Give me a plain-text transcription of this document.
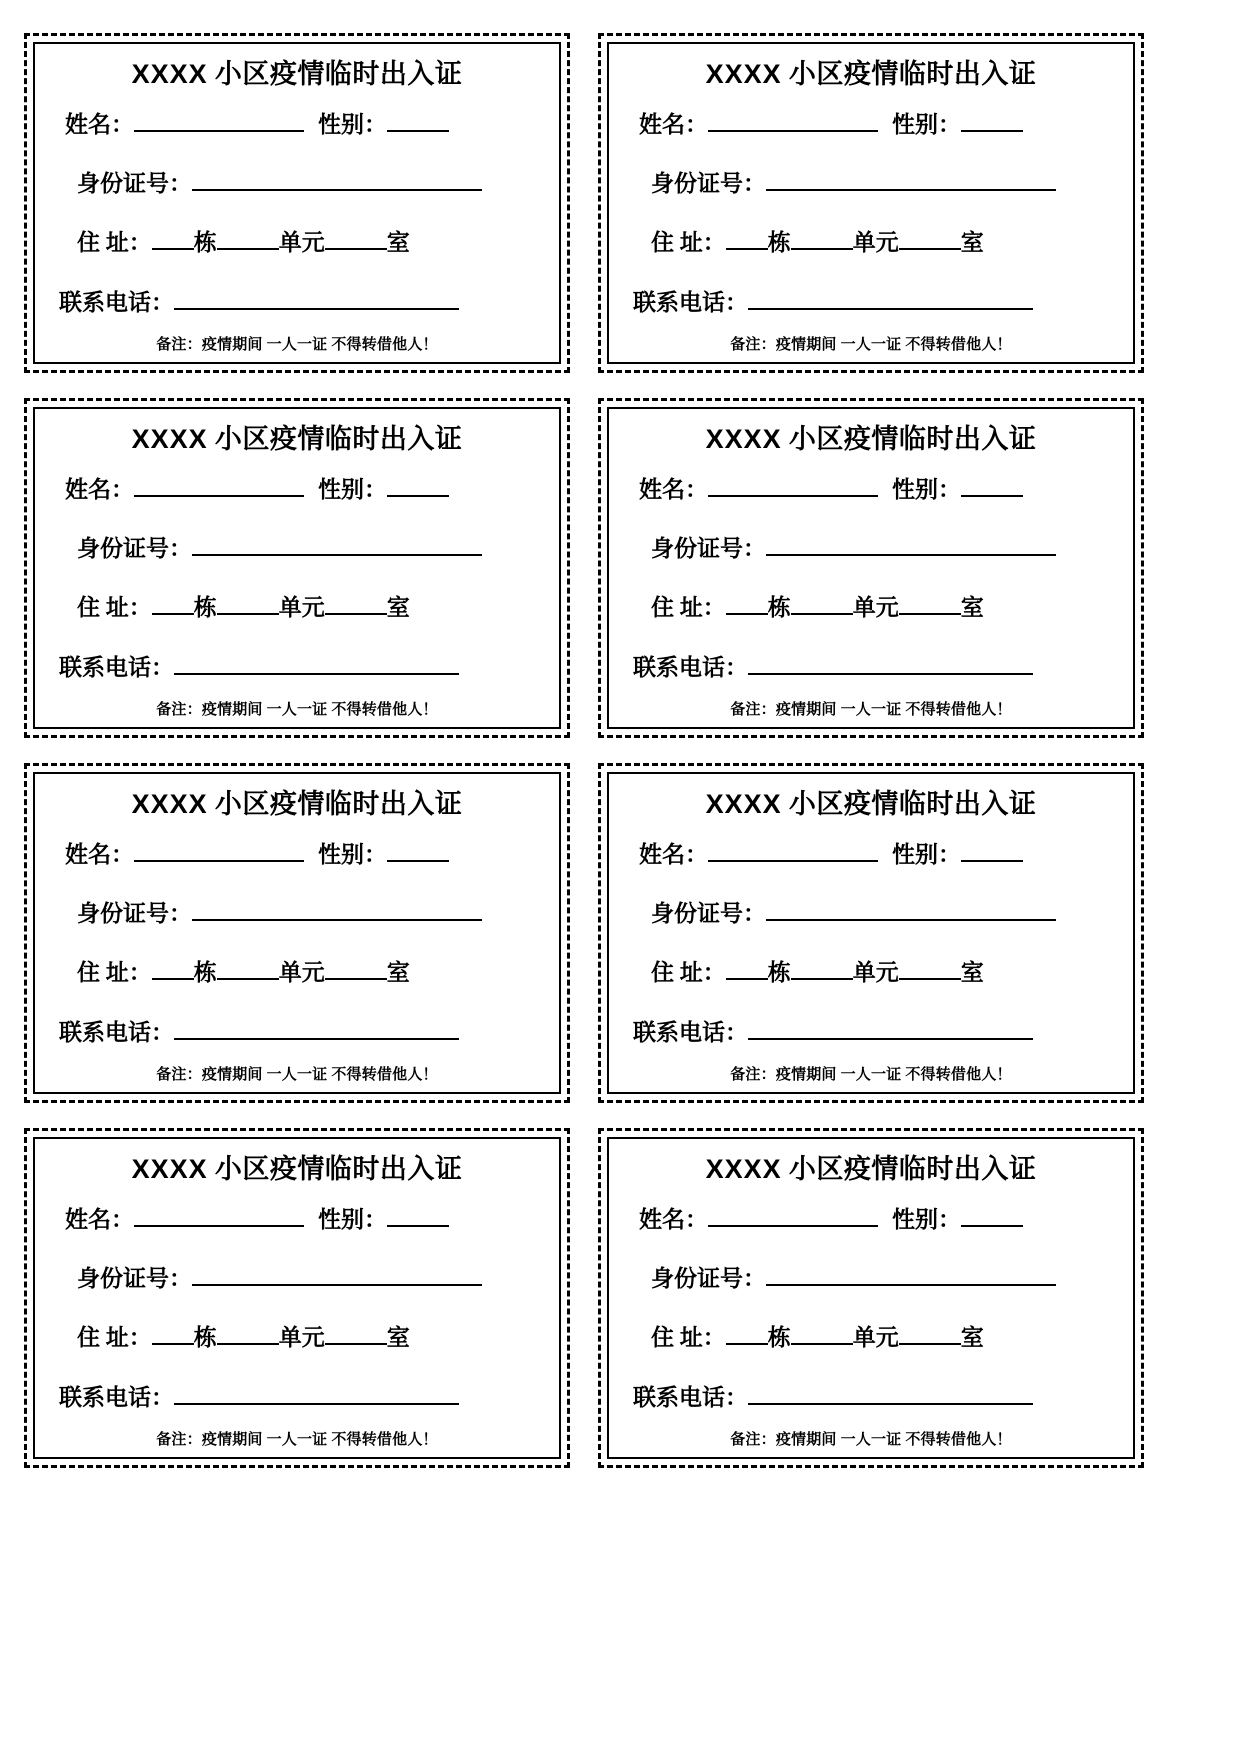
XXXX 小区疫情临时出入证
姓名：	性别：
身份证号：
住 址： 栋	单元	室
联系电话：
备注：疫情期间 一人一证 不得转借他人！
XXXX 小区疫情临时出入证
姓名：	性别：
身份证号：
住 址： 栋	单元	室
联系电话：
备注：疫情期间 一人一证 不得转借他人！
XXXX 小区疫情临时出入证
姓名：	性别：
身份证号：
住 址： 栋	单元	室
联系电话：
备注：疫情期间 一人一证 不得转借他人！
XXXX 小区疫情临时出入证
姓名：	性别：
身份证号：
住 址： 栋	单元	室
联系电话：
备注：疫情期间 一人一证 不得转借他人！
XXXX 小区疫情临时出入证
姓名：	性别：
身份证号：
住 址： 栋	单元	室
联系电话：
备注：疫情期间 一人一证 不得转借他人！
XXXX 小区疫情临时出入证
姓名：	性别：
身份证号：
住 址： 栋	单元	室
联系电话：
备注：疫情期间 一人一证 不得转借他人！
XXXX 小区疫情临时出入证
姓名：	性别：
身份证号：
住 址： 栋	单元	室
联系电话：
备注：疫情期间 一人一证 不得转借他人！
XXXX 小区疫情临时出入证
姓名：	性别：
身份证号：
住 址： 栋	单元	室
联系电话：
备注：疫情期间 一人一证 不得转借他人！
